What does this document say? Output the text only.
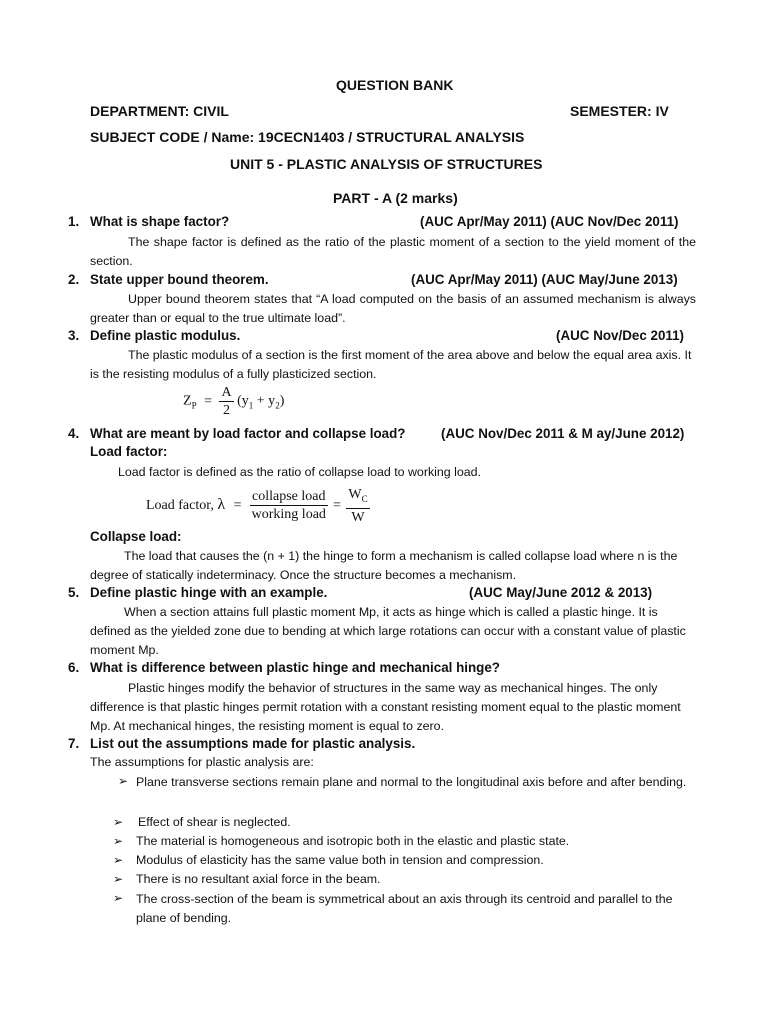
QUESTION BANK
DEPARTMENT: CIVIL	SEMESTER: IV
SUBJECT CODE / Name: 19CECN1403 / STRUCTURAL ANALYSIS
UNIT 5 - PLASTIC ANALYSIS OF STRUCTURES
PART - A (2 marks)
1. What is shape factor?	(AUC Apr/May 2011) (AUC Nov/Dec 2011)
The shape factor is defined as the ratio of the plastic moment of a section to the yield moment of the section.
2. State upper bound theorem.	(AUC Apr/May 2011) (AUC May/June 2013)
Upper bound theorem states that “A load computed on the basis of an assumed mechanism is always greater than or equal to the true ultimate load”.
3. Define plastic modulus.	(AUC Nov/Dec 2011)
The plastic modulus of a section is the first moment of the area above and below the equal area axis. It is the resisting modulus of a fully plasticized section.
$Z_P = \frac{A}{2} (y_1 + y_2)$
4. What are meant by load factor and collapse load?	(AUC Nov/Dec 2011 & M ay/June 2012)
Load factor:
Load factor is defined as the ratio of collapse load to working load.
Load factor, $\lambda = \frac{\text{collapse load}}{\text{working load}} = \frac{W_C}{W}$
Collapse load:
The load that causes the (n + 1) the hinge to form a mechanism is called collapse load where n is the degree of statically indeterminacy. Once the structure becomes a mechanism.
5. Define plastic hinge with an example.	(AUC May/June 2012 & 2013)
When a section attains full plastic moment Mp, it acts as hinge which is called a plastic hinge. It is defined as the yielded zone due to bending at which large rotations can occur with a constant value of plastic moment Mp.
6. What is difference between plastic hinge and mechanical hinge?
Plastic hinges modify the behavior of structures in the same way as mechanical hinges. The only difference is that plastic hinges permit rotation with a constant resisting moment equal to the plastic moment Mp. At mechanical hinges, the resisting moment is equal to zero.
7. List out the assumptions made for plastic analysis.
The assumptions for plastic analysis are:
➢ Plane transverse sections remain plane and normal to the longitudinal axis before and after bending.
➢ Effect of shear is neglected.
➢ The material is homogeneous and isotropic both in the elastic and plastic state.
➢ Modulus of elasticity has the same value both in tension and compression.
➢ There is no resultant axial force in the beam.
➢ The cross-section of the beam is symmetrical about an axis through its centroid and parallel to the plane of bending.
